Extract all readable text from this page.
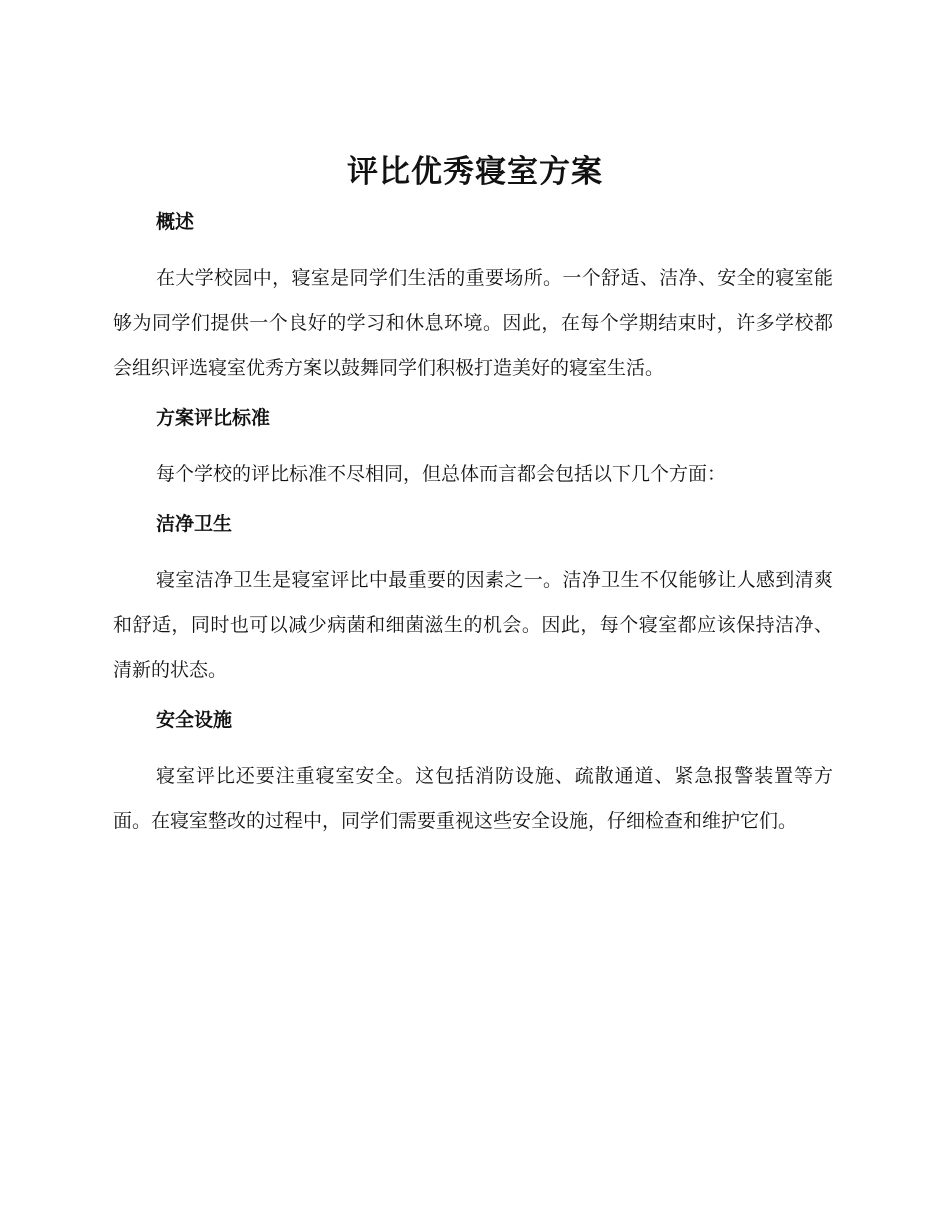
评比优秀寝室方案

概述

在大学校园中，寝室是同学们生活的重要场所。一个舒适、洁净、安全的寝室能够为同学们提供一个良好的学习和休息环境。因此，在每个学期结束时，许多学校都会组织评选寝室优秀方案以鼓舞同学们积极打造美好的寝室生活。

方案评比标准

每个学校的评比标准不尽相同，但总体而言都会包括以下几个方面：

洁净卫生

寝室洁净卫生是寝室评比中最重要的因素之一。洁净卫生不仅能够让人感到清爽和舒适，同时也可以减少病菌和细菌滋生的机会。因此，每个寝室都应该保持洁净、清新的状态。

安全设施

寝室评比还要注重寝室安全。这包括消防设施、疏散通道、紧急报警装置等方面。在寝室整改的过程中，同学们需要重视这些安全设施，仔细检查和维护它们。
